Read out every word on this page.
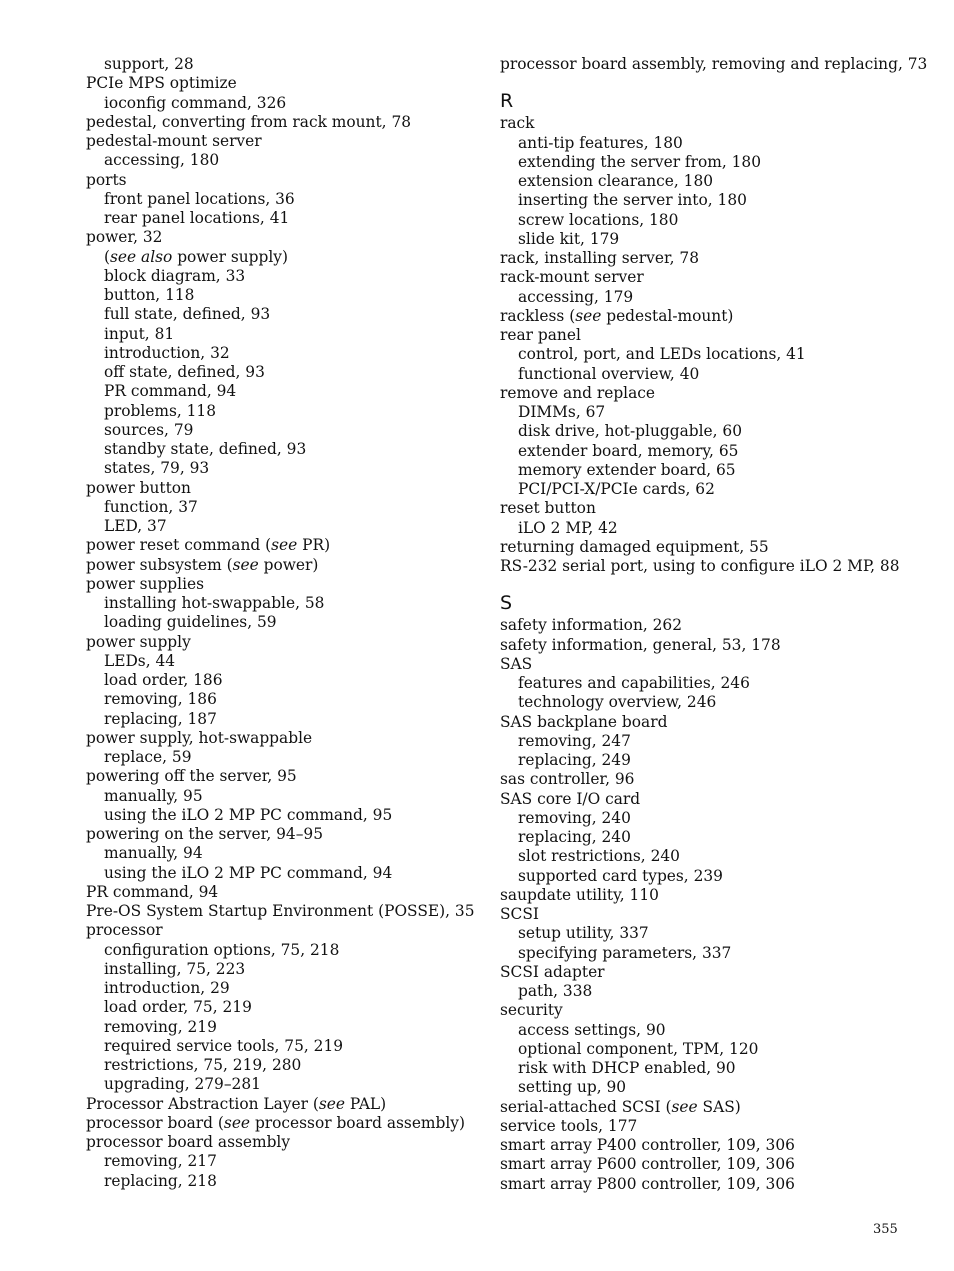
support, 28
PCIe MPS optimize
ioconfig command, 326
pedestal, converting from rack mount, 78
pedestal-mount server
accessing, 180
ports
front panel locations, 36
rear panel locations, 41
power, 32
(see also power supply)
block diagram, 33
button, 118
full state, defined, 93
input, 81
introduction, 32
off state, defined, 93
PR command, 94
problems, 118
sources, 79
standby state, defined, 93
states, 79, 93
power button
function, 37
LED, 37
power reset command (see PR)
power subsystem (see power)
power supplies
installing hot-swappable, 58
loading guidelines, 59
power supply
LEDs, 44
load order, 186
removing, 186
replacing, 187
power supply, hot-swappable
replace, 59
powering off the server, 95
manually, 95
using the iLO 2 MP PC command, 95
powering on the server, 94–95
manually, 94
using the iLO 2 MP PC command, 94
PR command, 94
Pre-OS System Startup Environment (POSSE), 35
processor
configuration options, 75, 218
installing, 75, 223
introduction, 29
load order, 75, 219
removing, 219
required service tools, 75, 219
restrictions, 75, 219, 280
upgrading, 279–281
Processor Abstraction Layer (see PAL)
processor board (see processor board assembly)
processor board assembly
removing, 217
replacing, 218
processor board assembly, removing and replacing, 73
R
rack
anti-tip features, 180
extending the server from, 180
extension clearance, 180
inserting the server into, 180
screw locations, 180
slide kit, 179
rack, installing server, 78
rack-mount server
accessing, 179
rackless (see pedestal-mount)
rear panel
control, port, and LEDs locations, 41
functional overview, 40
remove and replace
DIMMs, 67
disk drive, hot-pluggable, 60
extender board, memory, 65
memory extender board, 65
PCI/PCI-X/PCIe cards, 62
reset button
iLO 2 MP, 42
returning damaged equipment, 55
RS-232 serial port, using to configure iLO 2 MP, 88
S
safety information, 262
safety information, general, 53, 178
SAS
features and capabilities, 246
technology overview, 246
SAS backplane board
removing, 247
replacing, 249
sas controller, 96
SAS core I/O card
removing, 240
replacing, 240
slot restrictions, 240
supported card types, 239
saupdate utility, 110
SCSI
setup utility, 337
specifying parameters, 337
SCSI adapter
path, 338
security
access settings, 90
optional component, TPM, 120
risk with DHCP enabled, 90
setting up, 90
serial-attached SCSI (see SAS)
service tools, 177
smart array P400 controller, 109, 306
smart array P600 controller, 109, 306
smart array P800 controller, 109, 306
355
